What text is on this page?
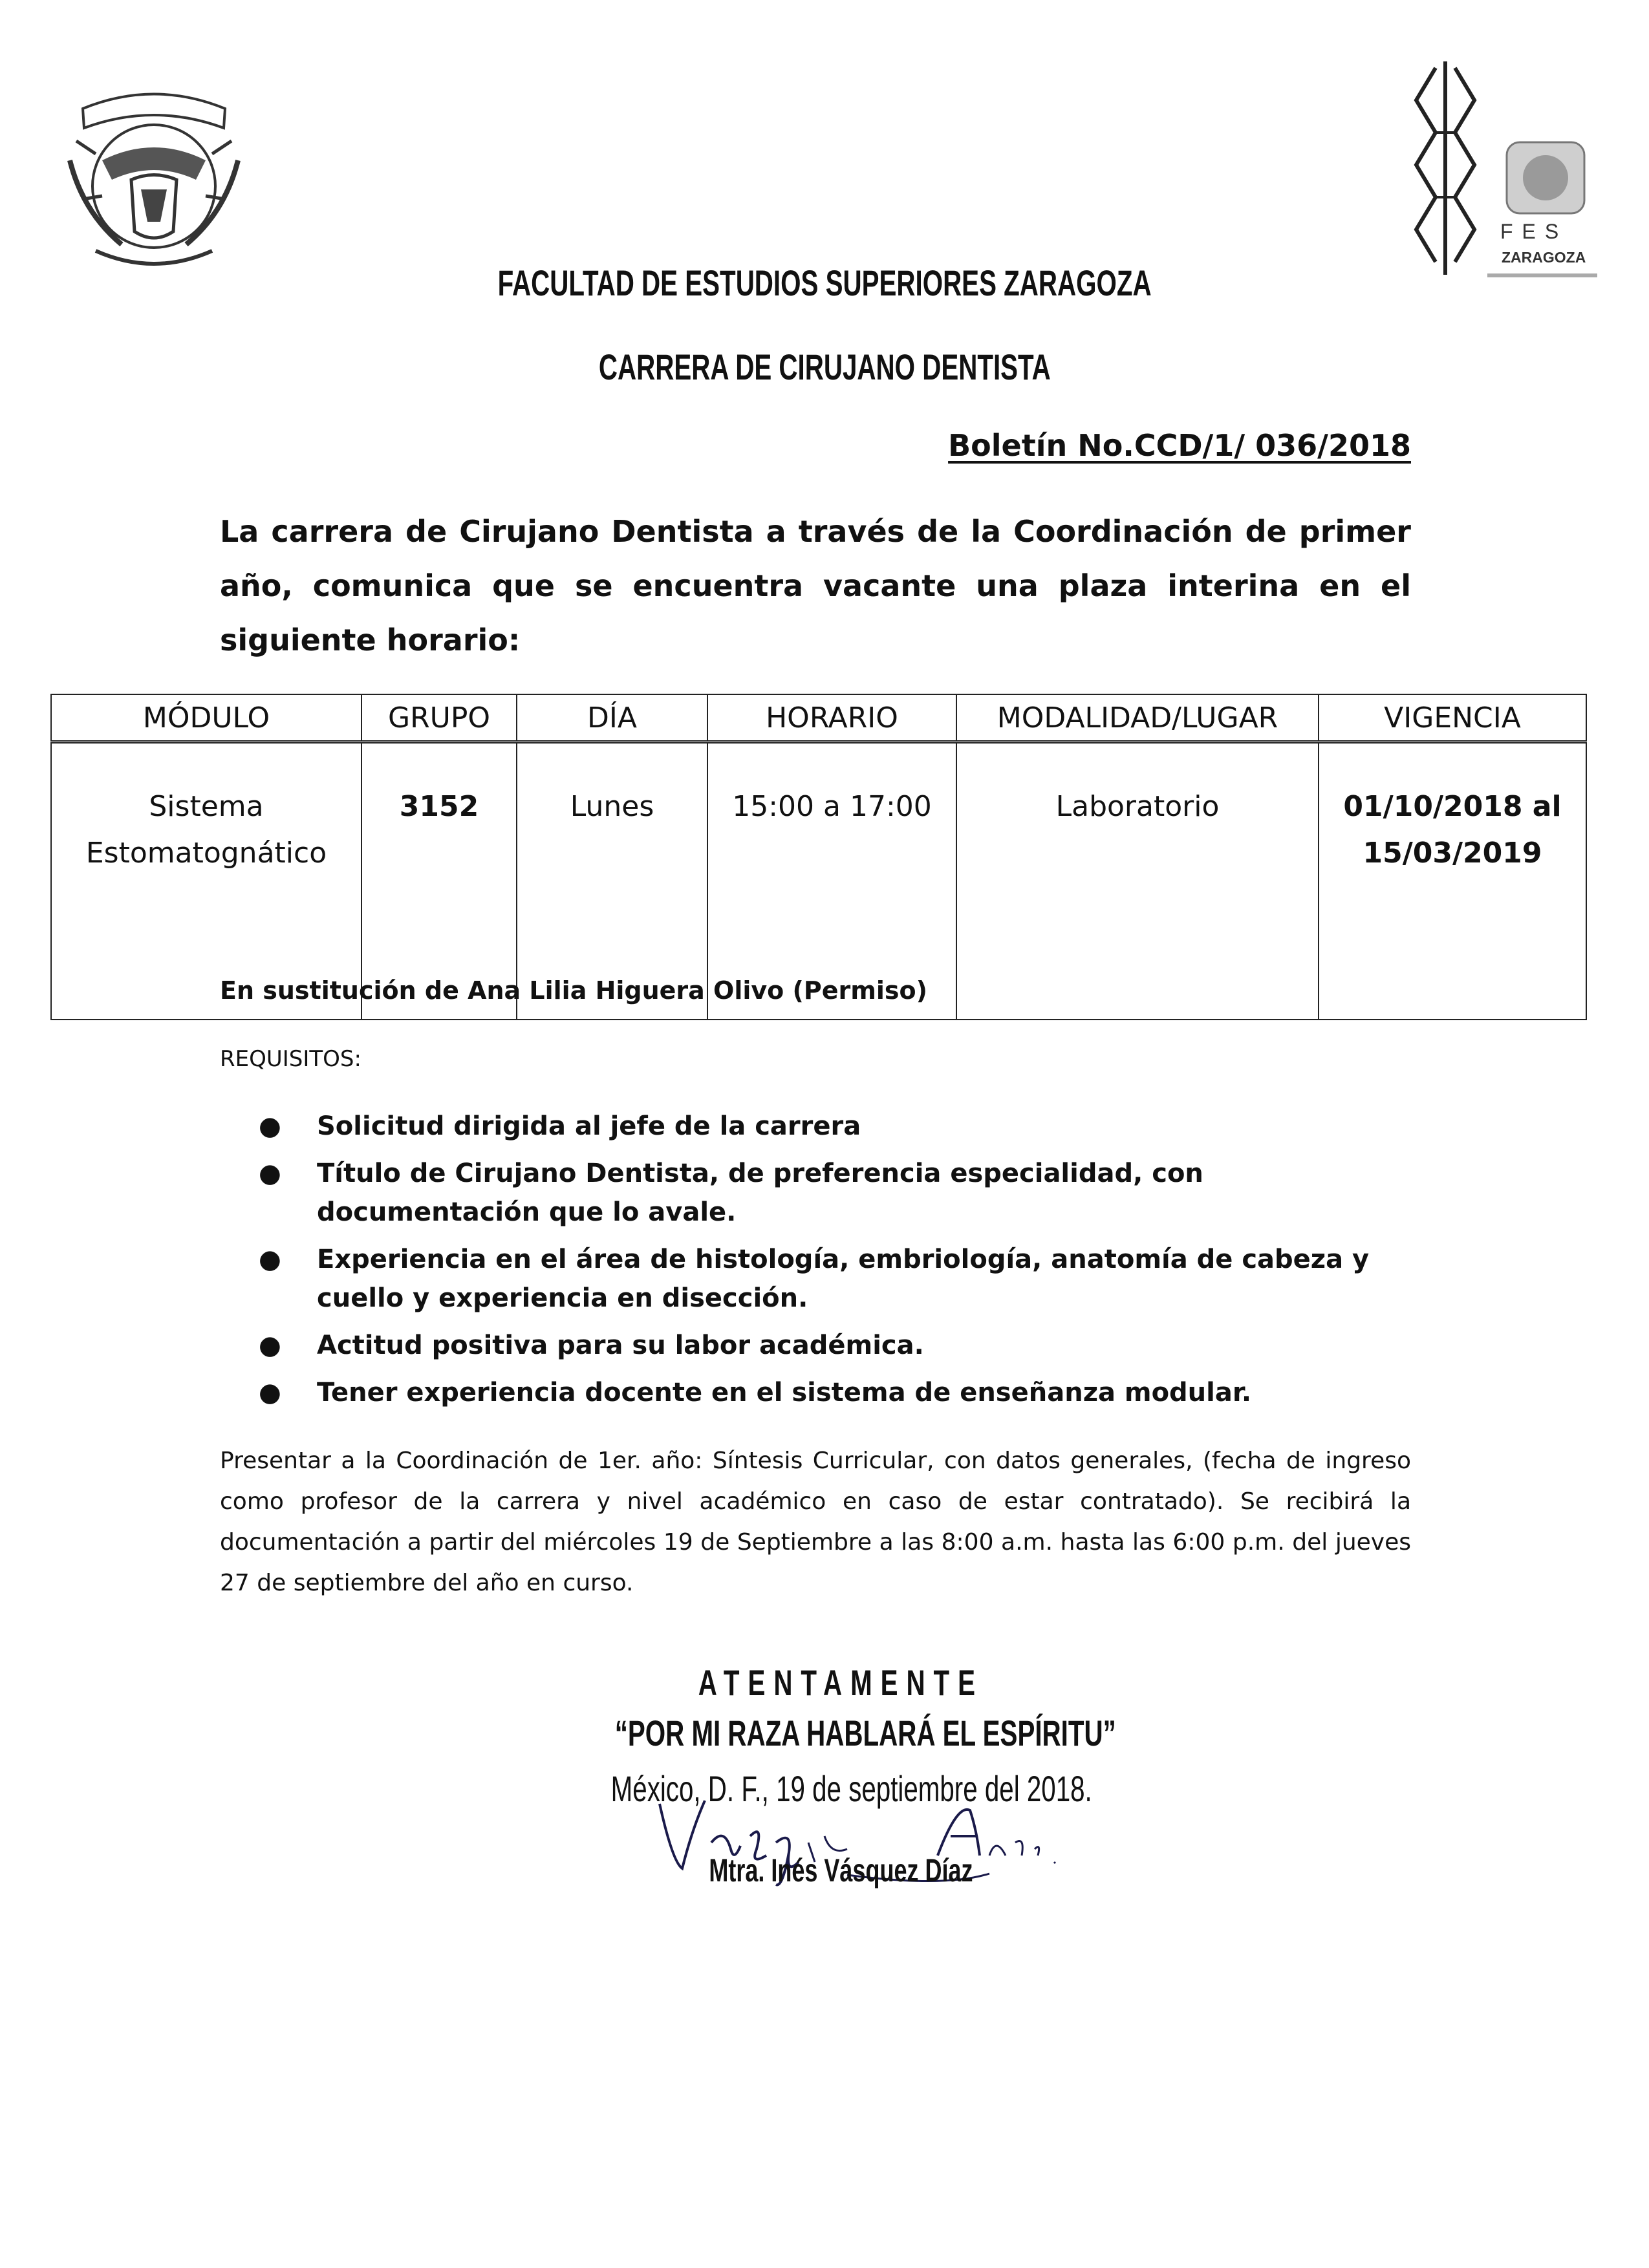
FES
ZARAGOZA
FACULTAD DE ESTUDIOS SUPERIORES ZARAGOZA
CARRERA DE CIRUJANO DENTISTA
Boletín No.CCD/1/ 036/2018
La carrera de Cirujano Dentista a través de la Coordinación de primer año, comunica que se encuentra vacante una plaza interina en el siguiente horario:
MÓDULO	GRUPO	DÍA	HORARIO	MODALIDAD/LUGAR	VIGENCIA
Sistema Estomatognático	3152	Lunes	15:00 a 17:00	Laboratorio	01/10/2018 al 15/03/2019
En sustitución de Ana Lilia Higuera Olivo (Permiso)
REQUISITOS:
● Solicitud dirigida al jefe de la carrera
● Título de Cirujano Dentista, de preferencia especialidad, con documentación que lo avale.
● Experiencia en el área de histología, embriología, anatomía de cabeza y cuello y experiencia en disección.
● Actitud positiva para su labor académica.
● Tener experiencia docente en el sistema de enseñanza modular.
Presentar a la Coordinación de 1er. año: Síntesis Curricular, con datos generales, (fecha de ingreso como profesor de la carrera y nivel académico en caso de estar contratado). Se recibirá la documentación a partir del miércoles 19 de Septiembre a las 8:00 a.m. hasta las 6:00 p.m. del jueves 27 de septiembre del año en curso.
ATENTAMENTE
“POR MI RAZA HABLARÁ EL ESPÍRITU”
México, D. F., 19 de septiembre del 2018.
Mtra. Inés Vásquez Díaz
